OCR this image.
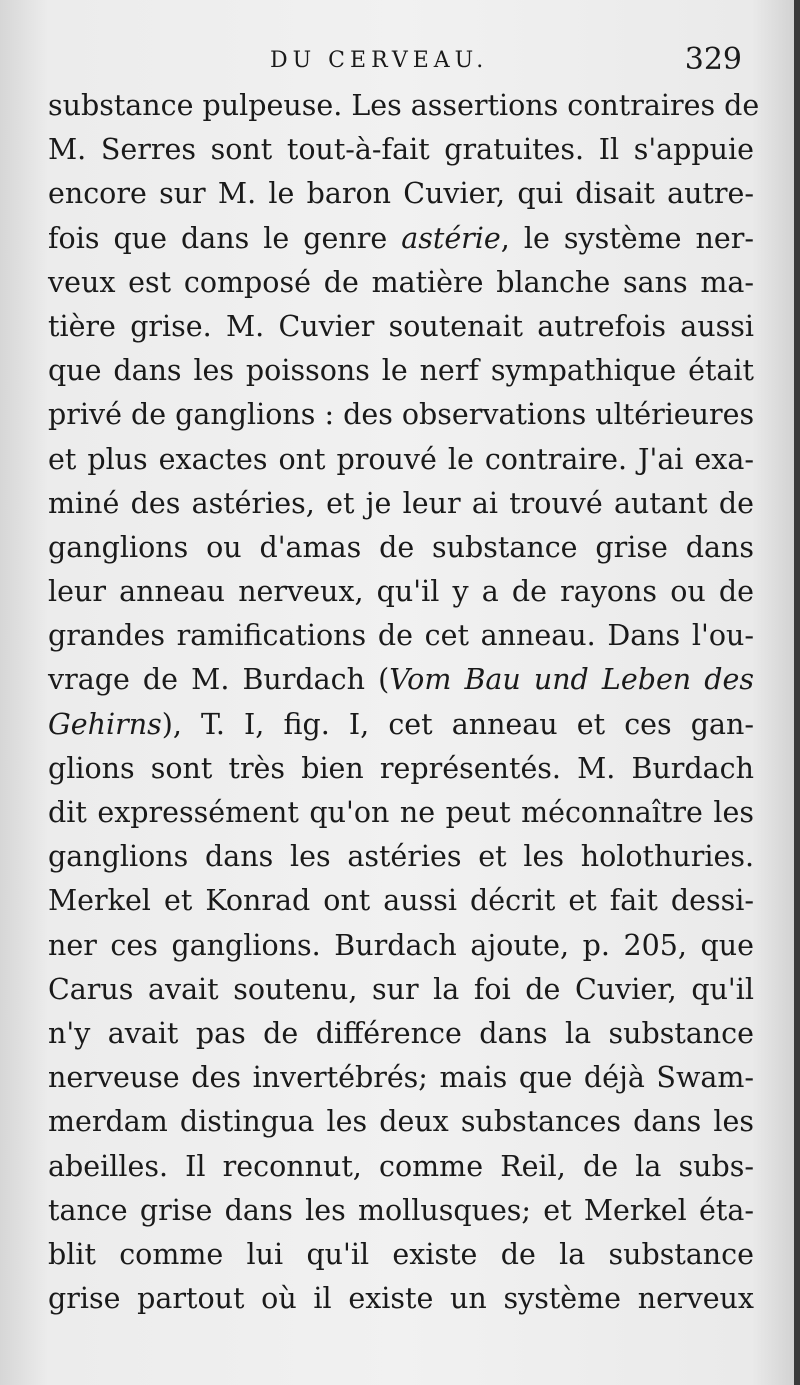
DU CERVEAU.	329
substance pulpeuse. Les assertions contraires de
M. Serres sont tout-à-fait gratuites. Il s'appuie
encore sur M. le baron Cuvier, qui disait autre-
fois que dans le genre astérie, le système ner-
veux est composé de matière blanche sans ma-
tière grise. M. Cuvier soutenait autrefois aussi
que dans les poissons le nerf sympathique était
privé de ganglions : des observations ultérieures
et plus exactes ont prouvé le contraire. J'ai exa-
miné des astéries, et je leur ai trouvé autant de
ganglions ou d'amas de substance grise dans
leur anneau nerveux, qu'il y a de rayons ou de
grandes ramifications de cet anneau. Dans l'ou-
vrage de M. Burdach (Vom Bau und Leben des
Gehirns), T. I, fig. I, cet anneau et ces gan-
glions sont très bien représentés. M. Burdach
dit expressément qu'on ne peut méconnaître les
ganglions dans les astéries et les holothuries.
Merkel et Konrad ont aussi décrit et fait dessi-
ner ces ganglions. Burdach ajoute, p. 205, que
Carus avait soutenu, sur la foi de Cuvier, qu'il
n'y avait pas de différence dans la substance
nerveuse des invertébrés; mais que déjà Swam-
merdam distingua les deux substances dans les
abeilles. Il reconnut, comme Reil, de la subs-
tance grise dans les mollusques; et Merkel éta-
blit comme lui qu'il existe de la substance
grise partout où il existe un système nerveux
